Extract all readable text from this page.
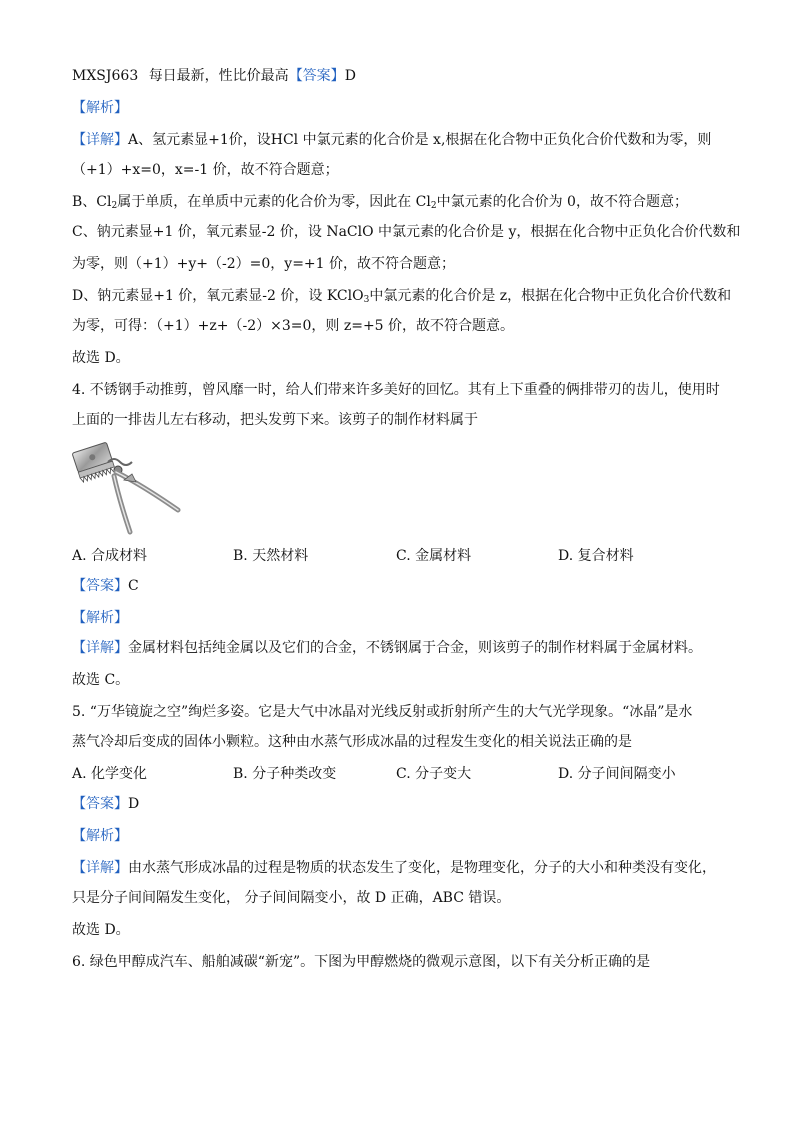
MXSJ663 每日最新，性比价最高【答案】D
【解析】
【详解】A、氢元素显+1价，设HCl 中氯元素的化合价是 x,根据在化合物中正负化合价代数和为零，则
（+1）+x=0，x=-1 价，故不符合题意；
B、$Cl_2$属于单质，在单质中元素的化合价为零，因此在 $Cl_2$中氯元素的化合价为 0，故不符合题意；
C、钠元素显+1 价，氧元素显-2 价，设 NaClO 中氯元素的化合价是 y，根据在化合物中正负化合价代数和
为零，则（+1）+y+（-2）=0，y=+1 价，故不符合题意；
D、钠元素显+1 价，氧元素显-2 价，设 KClO$_3$中氯元素的化合价是 z，根据在化合物中正负化合价代数和
为零，可得：（+1）+z+（-2）×3=0，则 z=+5 价，故不符合题意。
故选 D。
4. 不锈钢手动推剪，曾风靡一时，给人们带来许多美好的回忆。其有上下重叠的俩排带刃的齿儿，使用时
上面的一排齿儿左右移动，把头发剪下来。该剪子的制作材料属于
A. 合成材料	B. 天然材料	C. 金属材料	D. 复合材料
【答案】C
【解析】
【详解】金属材料包括纯金属以及它们的合金，不锈钢属于合金，则该剪子的制作材料属于金属材料。
故选 C。
5. “万华镜旋之空”绚烂多姿。它是大气中冰晶对光线反射或折射所产生的大气光学现象。“冰晶”是水
蒸气冷却后变成的固体小颗粒。这种由水蒸气形成冰晶的过程发生变化的相关说法正确的是
A. 化学变化	B. 分子种类改变	C. 分子变大	D. 分子间间隔变小
【答案】D
【解析】
【详解】由水蒸气形成冰晶的过程是物质的状态发生了变化，是物理变化，分子的大小和种类没有变化，
只是分子间间隔发生变化， 分子间间隔变小，故 D 正确，ABC 错误。
故选 D。
6. 绿色甲醇成汽车、船舶减碳“新宠”。下图为甲醇燃烧的微观示意图，以下有关分析正确的是
